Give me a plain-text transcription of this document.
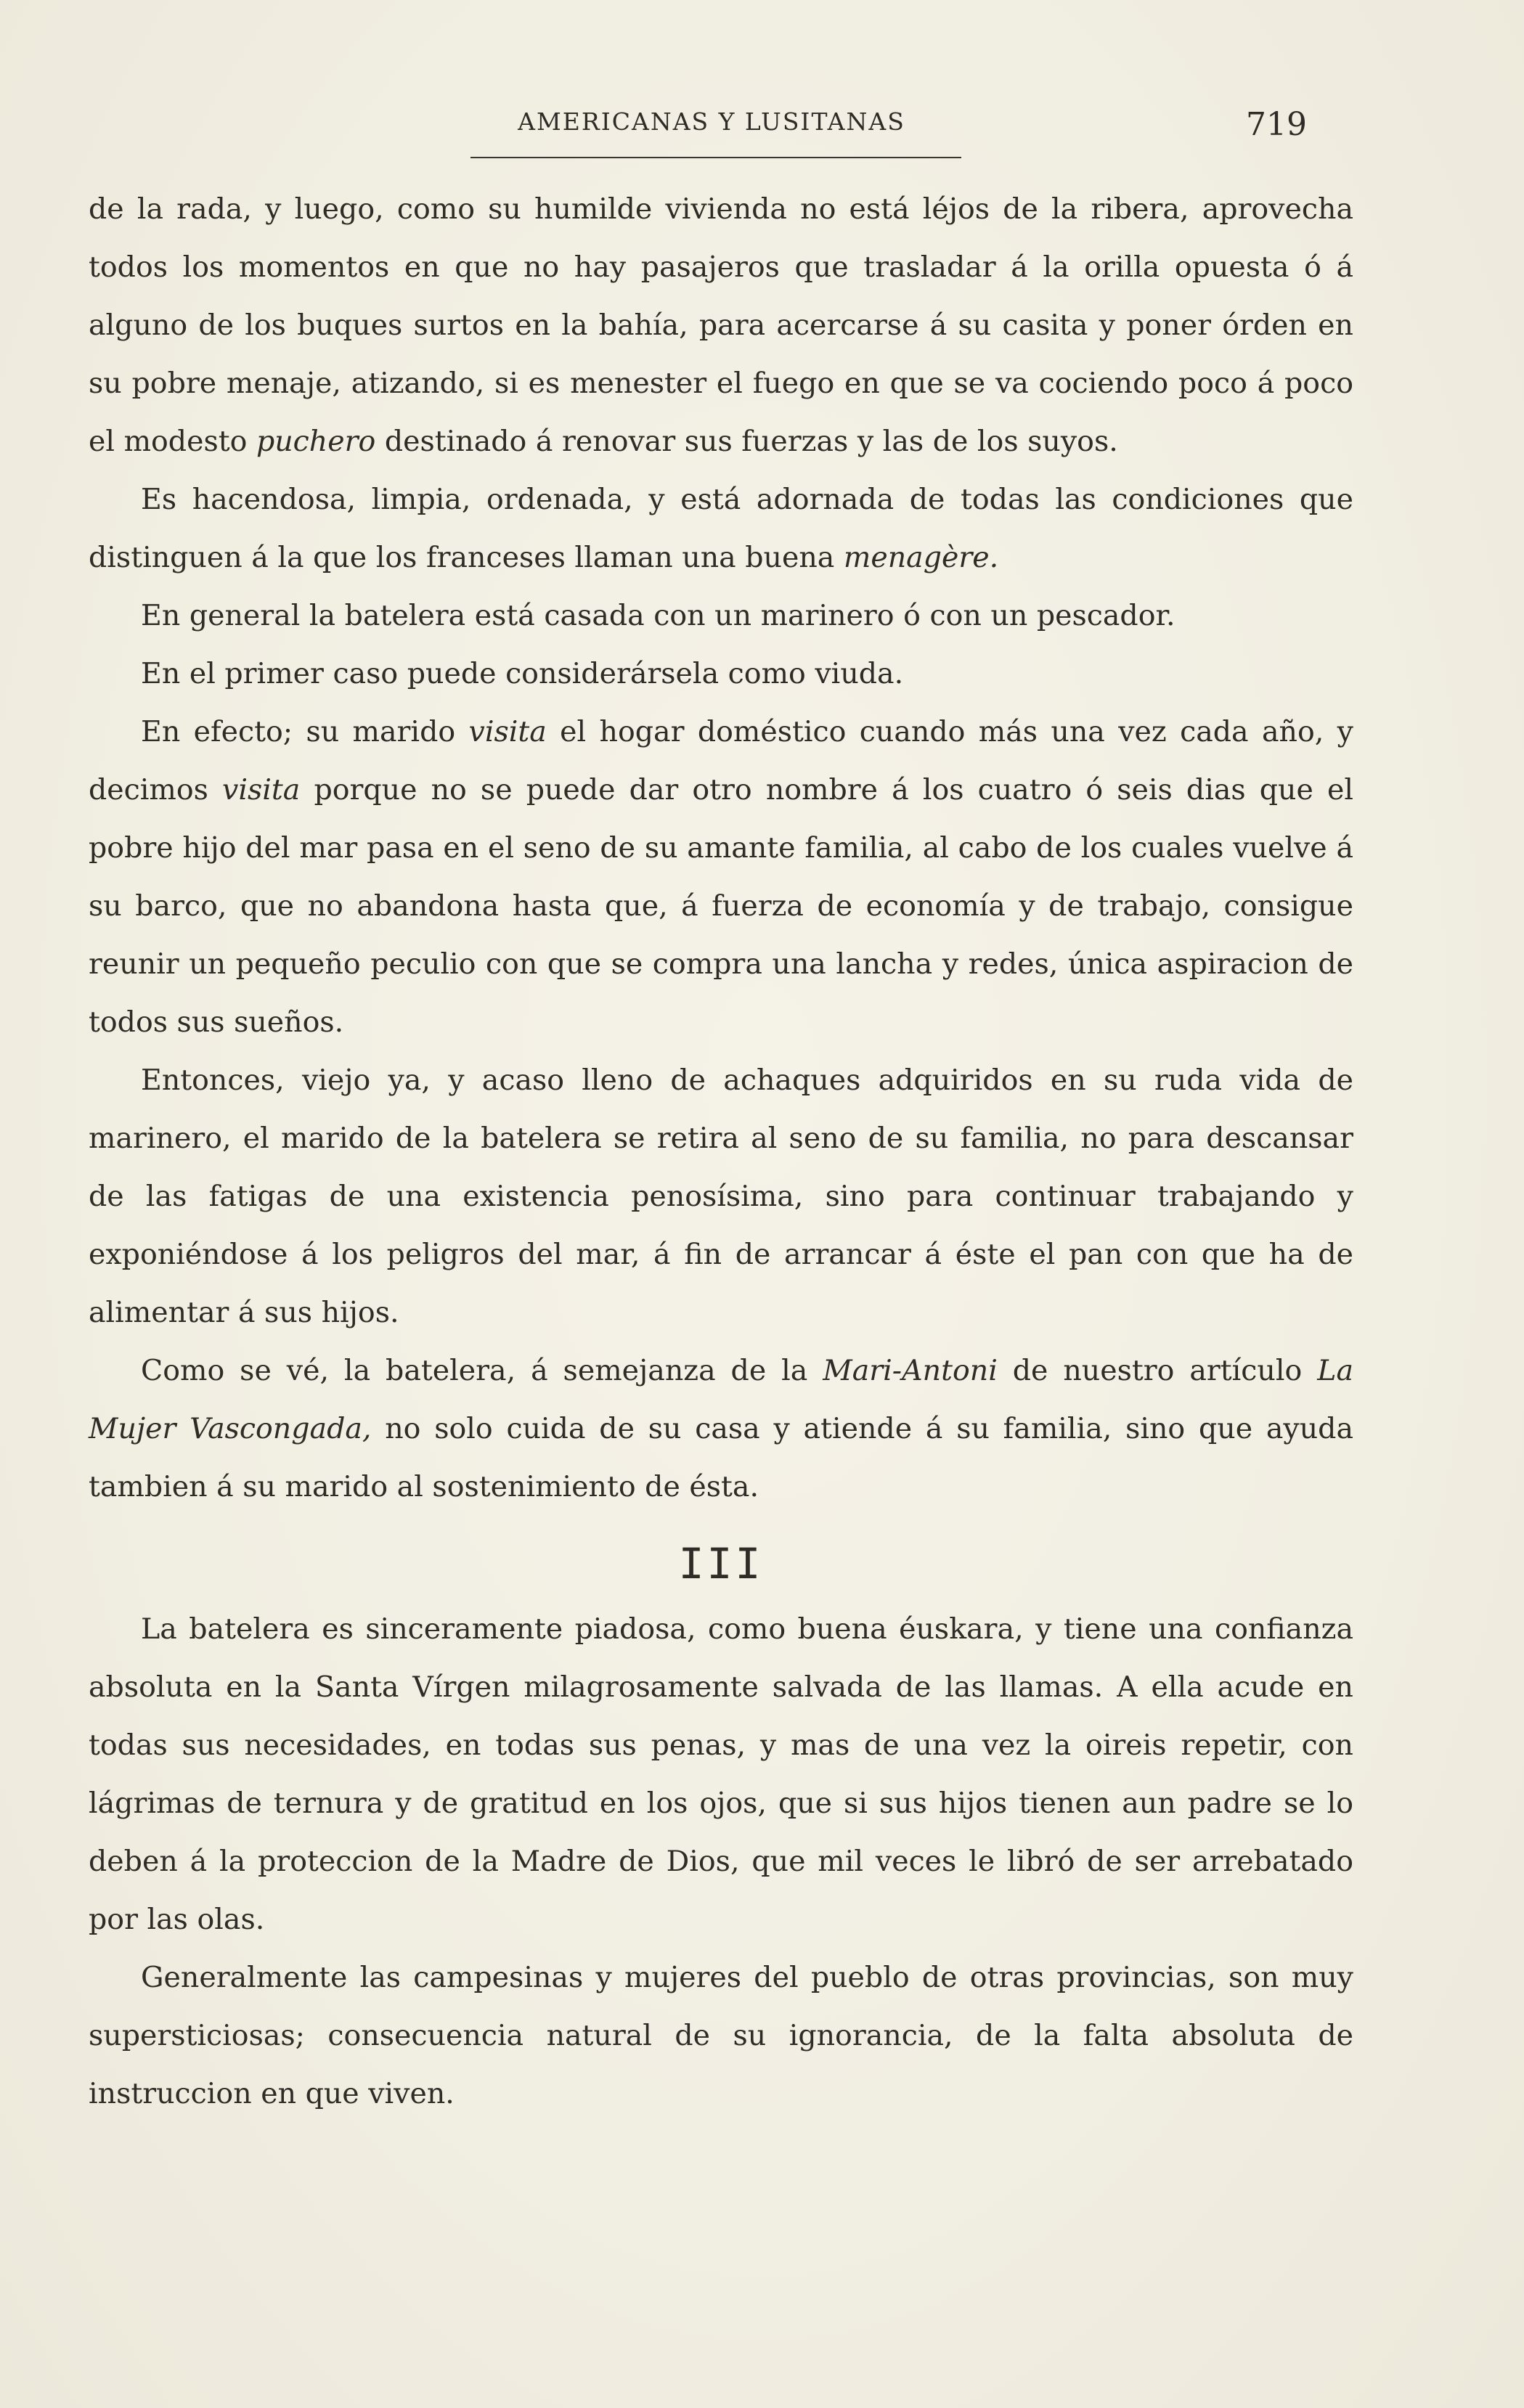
AMERICANAS Y LUSITANAS	719

de la rada, y luego, como su humilde vivienda no está léjos de la ribera, aprovecha todos los momentos en que no hay pasajeros que trasladar á la orilla opuesta ó á alguno de los buques surtos en la bahía, para acercarse á su casita y poner órden en su pobre menaje, atizando, si es menester el fuego en que se va cociendo poco á poco el modesto puchero destinado á renovar sus fuerzas y las de los suyos.

Es hacendosa, limpia, ordenada, y está adornada de todas las condiciones que distinguen á la que los franceses llaman una buena menagère.

En general la batelera está casada con un marinero ó con un pescador.

En el primer caso puede considerársela como viuda.

En efecto; su marido visita el hogar doméstico cuando más una vez cada año, y decimos visita porque no se puede dar otro nombre á los cuatro ó seis dias que el pobre hijo del mar pasa en el seno de su amante familia, al cabo de los cuales vuelve á su barco, que no abandona hasta que, á fuerza de economía y de trabajo, consigue reunir un pequeño peculio con que se compra una lancha y redes, única aspiracion de todos sus sueños.

Entonces, viejo ya, y acaso lleno de achaques adquiridos en su ruda vida de marinero, el marido de la batelera se retira al seno de su familia, no para descansar de las fatigas de una existencia penosísima, sino para continuar trabajando y exponiéndose á los peligros del mar, á fin de arrancar á éste el pan con que ha de alimentar á sus hijos.

Como se vé, la batelera, á semejanza de la Mari-Antoni de nuestro artículo La Mujer Vascongada, no solo cuida de su casa y atiende á su familia, sino que ayuda tambien á su marido al sostenimiento de ésta.

III

La batelera es sinceramente piadosa, como buena éuskara, y tiene una confianza absoluta en la Santa Vírgen milagrosamente salvada de las llamas. A ella acude en todas sus necesidades, en todas sus penas, y mas de una vez la oireis repetir, con lágrimas de ternura y de gratitud en los ojos, que si sus hijos tienen aun padre se lo deben á la proteccion de la Madre de Dios, que mil veces le libró de ser arrebatado por las olas.

Generalmente las campesinas y mujeres del pueblo de otras provincias, son muy supersticiosas; consecuencia natural de su ignorancia, de la falta absoluta de instruccion en que viven.
